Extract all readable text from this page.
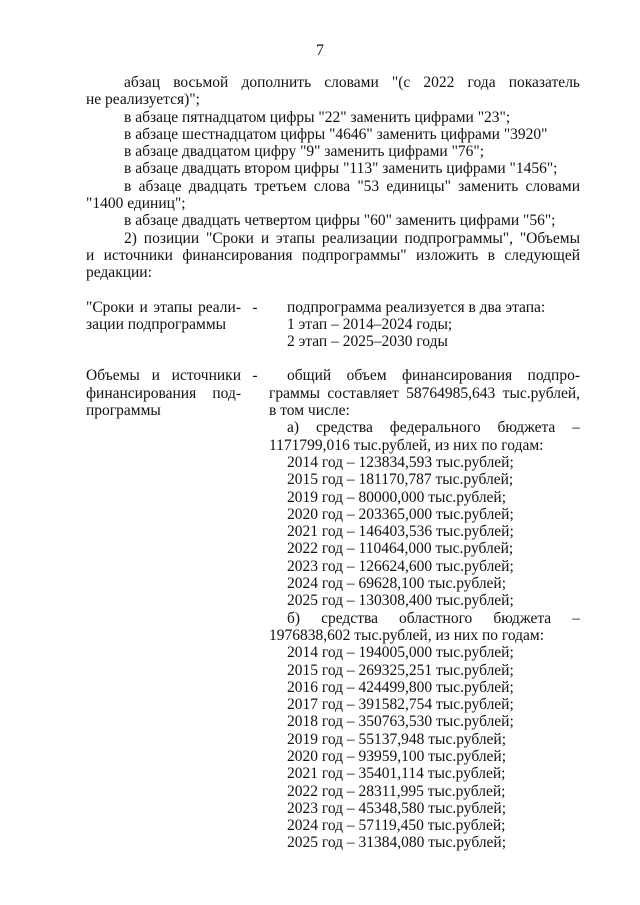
· ·
7
абзац восьмой дополнить словами "(с 2022 года показатель
не реализуется)";
в абзаце пятнадцатом цифры "22" заменить цифрами "23";
в абзаце шестнадцатом цифры "4646" заменить цифрами "3920"
в абзаце двадцатом цифру "9" заменить цифрами "76";
в абзаце двадцать втором цифры "113" заменить цифрами "1456";
в абзаце двадцать третьем слова "53 единицы" заменить словами
"1400 единиц";
в абзаце двадцать четвертом цифры "60" заменить цифрами "56";
2) позиции "Сроки и этапы реализации подпрограммы", "Объемы
и источники финансирования подпрограммы" изложить в следующей
редакции:
"Сроки и этапы реали-
зации подпрограммы
-	подпрограмма реализуется в два этапа:
1 этап – 2014–2024 годы;
2 этап – 2025–2030 годы
Объемы и источники
финансирования под-
программы
-	общий объем финансирования подпро-
граммы составляет 58764985,643 тыс.рублей,
в том числе:
а) средства федерального бюджета –
1171799,016 тыс.рублей, из них по годам:
2014 год – 123834,593 тыс.рублей;
2015 год – 181170,787 тыс.рублей;
2019 год – 80000,000 тыс.рублей;
2020 год – 203365,000 тыс.рублей;
2021 год – 146403,536 тыс.рублей;
2022 год – 110464,000 тыс.рублей;
2023 год – 126624,600 тыс.рублей;
2024 год – 69628,100 тыс.рублей;
2025 год – 130308,400 тыс.рублей;
б) средства областного бюджета –
1976838,602 тыс.рублей, из них по годам:
2014 год – 194005,000 тыс.рублей;
2015 год – 269325,251 тыс.рублей;
2016 год – 424499,800 тыс.рублей;
2017 год – 391582,754 тыс.рублей;
2018 год – 350763,530 тыс.рублей;
2019 год – 55137,948 тыс.рублей;
2020 год – 93959,100 тыс.рублей;
2021 год – 35401,114 тыс.рублей;
2022 год – 28311,995 тыс.рублей;
2023 год – 45348,580 тыс.рублей;
2024 год – 57119,450 тыс.рублей;
2025 год – 31384,080 тыс.рублей;
